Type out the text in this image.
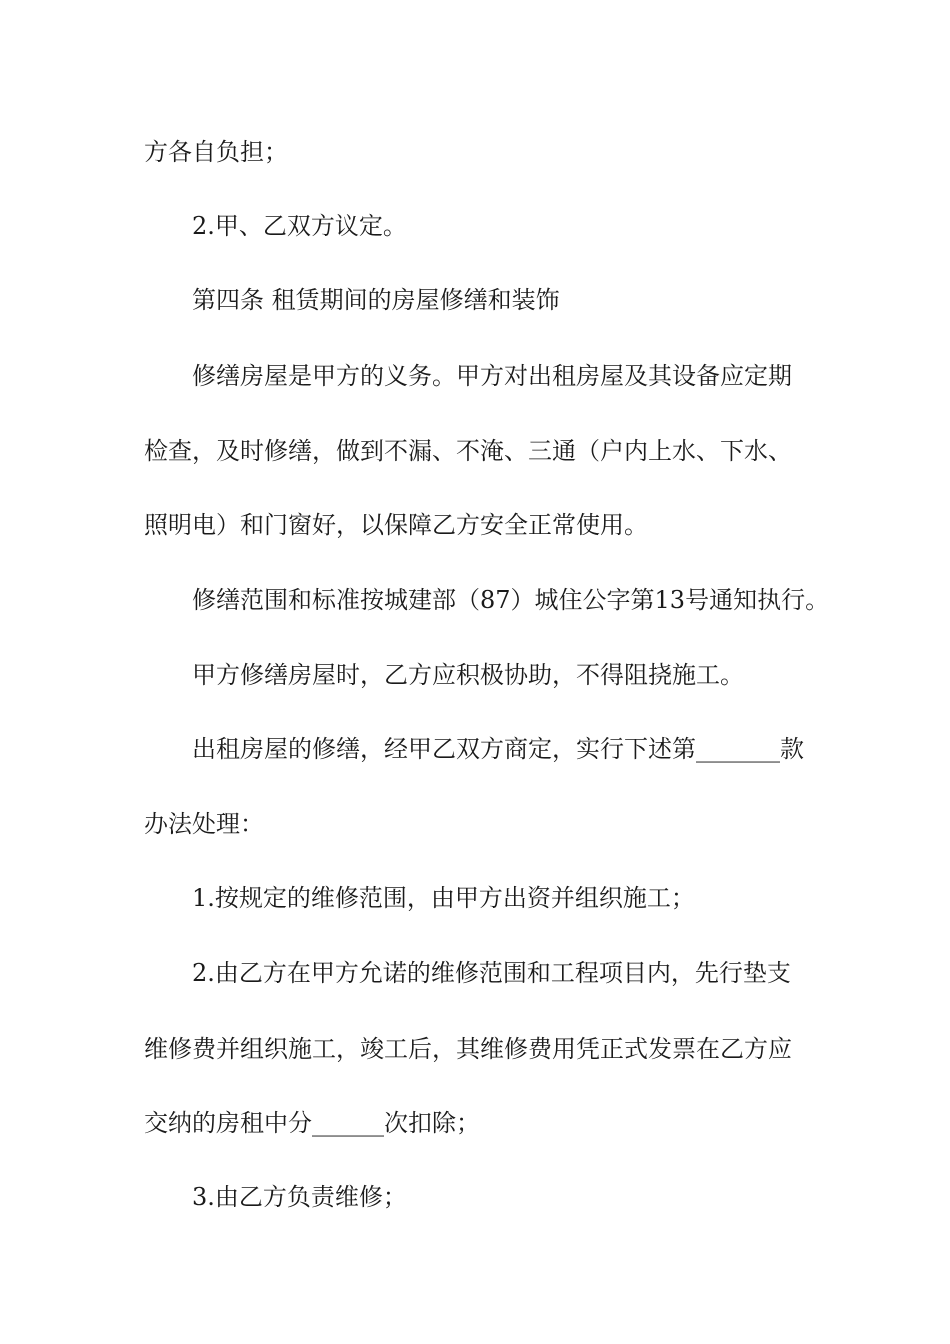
方各自负担；
2.甲、乙双方议定。
第四条 租赁期间的房屋修缮和装饰
修缮房屋是甲方的义务。甲方对出租房屋及其设备应定期
检查，及时修缮，做到不漏、不淹、三通（户内上水、下水、
照明电）和门窗好，以保障乙方安全正常使用。
修缮范围和标准按城建部（87）城住公字第13号通知执行。
甲方修缮房屋时，乙方应积极协助，不得阻挠施工。
出租房屋的修缮，经甲乙双方商定，实行下述第_______款
办法处理：
1.按规定的维修范围，由甲方出资并组织施工；
2.由乙方在甲方允诺的维修范围和工程项目内，先行垫支
维修费并组织施工，竣工后，其维修费用凭正式发票在乙方应
交纳的房租中分______次扣除；
3.由乙方负责维修；
